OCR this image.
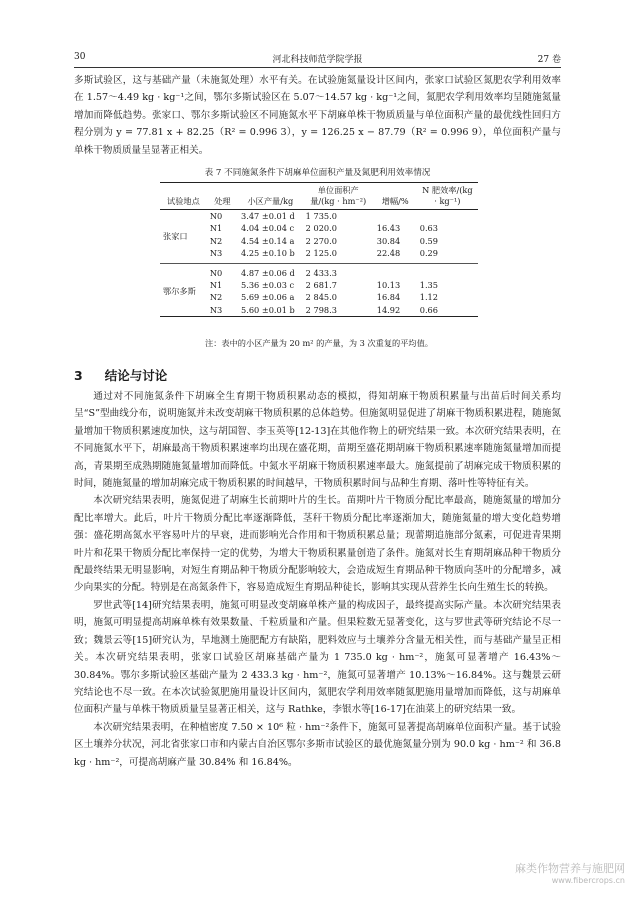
30	河北科技师范学院学报	27 卷

多斯试验区，这与基础产量（未施氮处理）水平有关。在试验施氮量设计区间内，张家口试验区氮肥农学利用效率在 1.57～4.49 kg · kg⁻¹之间，鄂尔多斯试验区在 5.07～14.57 kg · kg⁻¹之间，氮肥农学利用效率均呈随施氮量增加而降低趋势。张家口、鄂尔多斯试验区不同施氮水平下胡麻单株干物质质量与单位面积产量的最优线性回归方程分别为 y = 77.81 x + 82.25（R² = 0.996 3），y = 126.25 x − 87.79（R² = 0.996 9），单位面积产量与单株干物质质量呈显著正相关。

表 7 不同施氮条件下胡麻单位面积产量及氮肥利用效率情况
试验地点	处理	小区产量/kg	单位面积产量/(kg · hm⁻²)	增幅/%	N 肥效率/(kg · kg⁻¹)
张家口	N0	3.47 ±0.01 d	1 735.0		
	N1	4.04 ±0.04 c	2 020.0	16.43	0.63
	N2	4.54 ±0.14 a	2 270.0	30.84	0.59
	N3	4.25 ±0.10 b	2 125.0	22.48	0.29
鄂尔多斯	N0	4.87 ±0.06 d	2 433.3		
	N1	5.36 ±0.03 c	2 681.7	10.13	1.35
	N2	5.69 ±0.06 a	2 845.0	16.84	1.12
	N3	5.60 ±0.01 b	2 798.3	14.92	0.66
注：表中的小区产量为 20 m² 的产量，为 3 次重复的平均值。
3 结论与讨论

通过对不同施氮条件下胡麻全生育期干物质积累动态的模拟，得知胡麻干物质积累量与出苗后时间关系均呈“S”型曲线分布，说明施氮并未改变胡麻干物质积累的总体趋势。但施氮明显促进了胡麻干物质积累进程，随施氮量增加干物质积累速度加快，这与胡国智、李玉英等[12-13]在其他作物上的研究结果一致。本次研究结果表明，在不同施氮水平下，胡麻最高干物质积累速率均出现在盛花期，苗期至盛花期胡麻干物质积累速率随施氮量增加而提高，青果期至成熟期随施氮量增加而降低。中氮水平胡麻干物质积累速率最大。施氮提前了胡麻完成干物质积累的时间，随施氮量的增加胡麻完成干物质积累的时间越早，干物质积累时间与品种生育期、落叶性等特征有关。

本次研究结果表明，施氮促进了胡麻生长前期叶片的生长。苗期叶片干物质分配比率最高，随施氮量的增加分配比率增大。此后，叶片干物质分配比率逐渐降低，茎秆干物质分配比率逐渐加大，随施氮量的增大变化趋势增强：盛花期高氮水平容易叶片的早衰，进而影响光合作用和干物质积累总量；现蕾期追施部分氮素，可促进青果期叶片和花果干物质分配比率保持一定的优势，为增大干物质积累量创造了条件。施氮对长生育期胡麻品种干物质分配最终结果无明显影响，对短生育期品种干物质分配影响较大，会造成短生育期品种干物质向茎叶的分配增多，减少向果实的分配。特别是在高氮条件下，容易造成短生育期品种徒长，影响其实现从营养生长向生殖生长的转换。

罗世武等[14]研究结果表明，施氮可明显改变胡麻单株产量的构成因子，最终提高实际产量。本次研究结果表明，施氮可明显提高胡麻单株有效果数量、千粒质量和产量。但果粒数无显著变化，这与罗世武等研究结论不尽一致；魏景云等[15]研究认为，旱地测土施肥配方有缺陷，肥料效应与土壤养分含量无相关性，而与基础产量呈正相关。本次研究结果表明，张家口试验区胡麻基础产量为 1 735.0 kg · hm⁻²，施氮可显著增产 16.43%～30.84%。鄂尔多斯试验区基础产量为 2 433.3 kg · hm⁻²，施氮可显著增产 10.13%～16.84%。这与魏景云研究结论也不尽一致。在本次试验氮肥施用量设计区间内，氮肥农学利用效率随氮肥施用量增加而降低，这与胡麻单位面积产量与单株干物质质量呈显著正相关，这与 Rathke，李银水等[16-17]在油菜上的研究结果一致。

本次研究结果表明，在种植密度 7.50 × 10⁶ 粒 · hm⁻²条件下，施氮可显著提高胡麻单位面积产量。基于试验区土壤养分状况，河北省张家口市和内蒙古自治区鄂尔多斯市试验区的最优施氮量分别为 90.0 kg · hm⁻² 和 36.8 kg · hm⁻²，可提高胡麻产量 30.84% 和 16.84%。

麻类作物营养与施肥网
www.fibercrops.cn
